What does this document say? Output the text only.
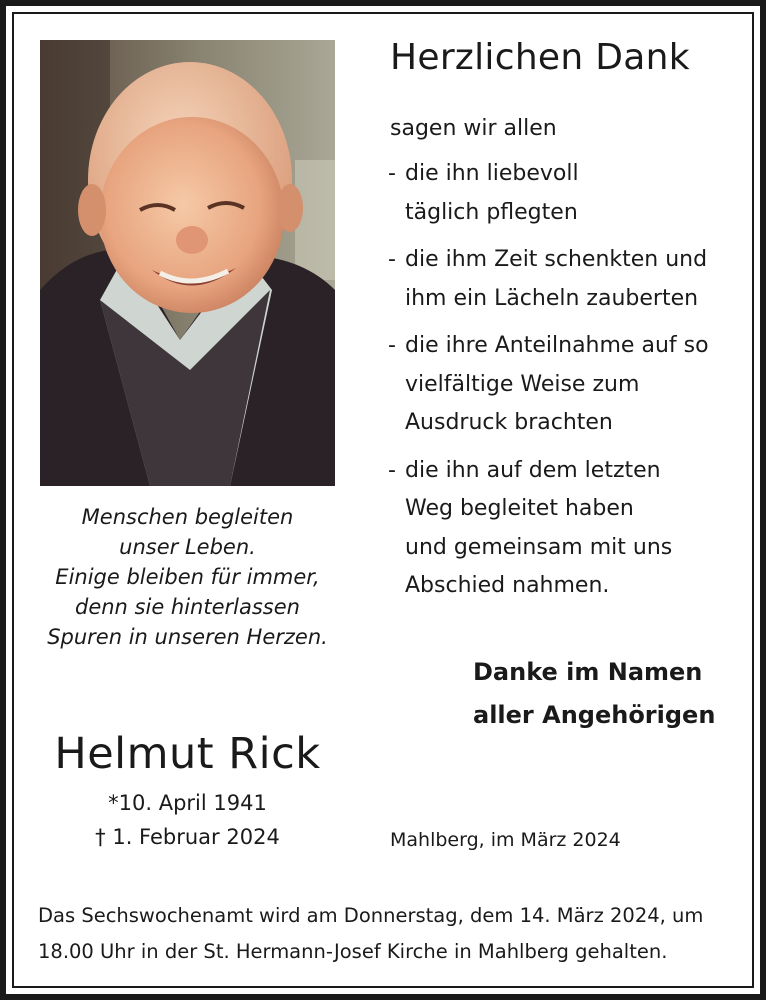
Menschen begleiten
unser Leben.
Einige bleiben für immer,
denn sie hinterlassen
Spuren in unseren Herzen.
Helmut Rick
*10. April 1941
† 1. Februar 2024
Herzlichen Dank
sagen wir allen
- die ihn liebevoll
täglich pflegten
- die ihm Zeit schenkten und
ihm ein Lächeln zauberten
- die ihre Anteilnahme auf so
vielfältige Weise zum
Ausdruck brachten
- die ihn auf dem letzten
Weg begleitet haben
und gemeinsam mit uns
Abschied nahmen.
Danke im Namen
aller Angehörigen
Mahlberg, im März 2024
Das Sechswochenamt wird am Donnerstag, dem 14. März 2024, um
18.00 Uhr in der St. Hermann-Josef Kirche in Mahlberg gehalten.
